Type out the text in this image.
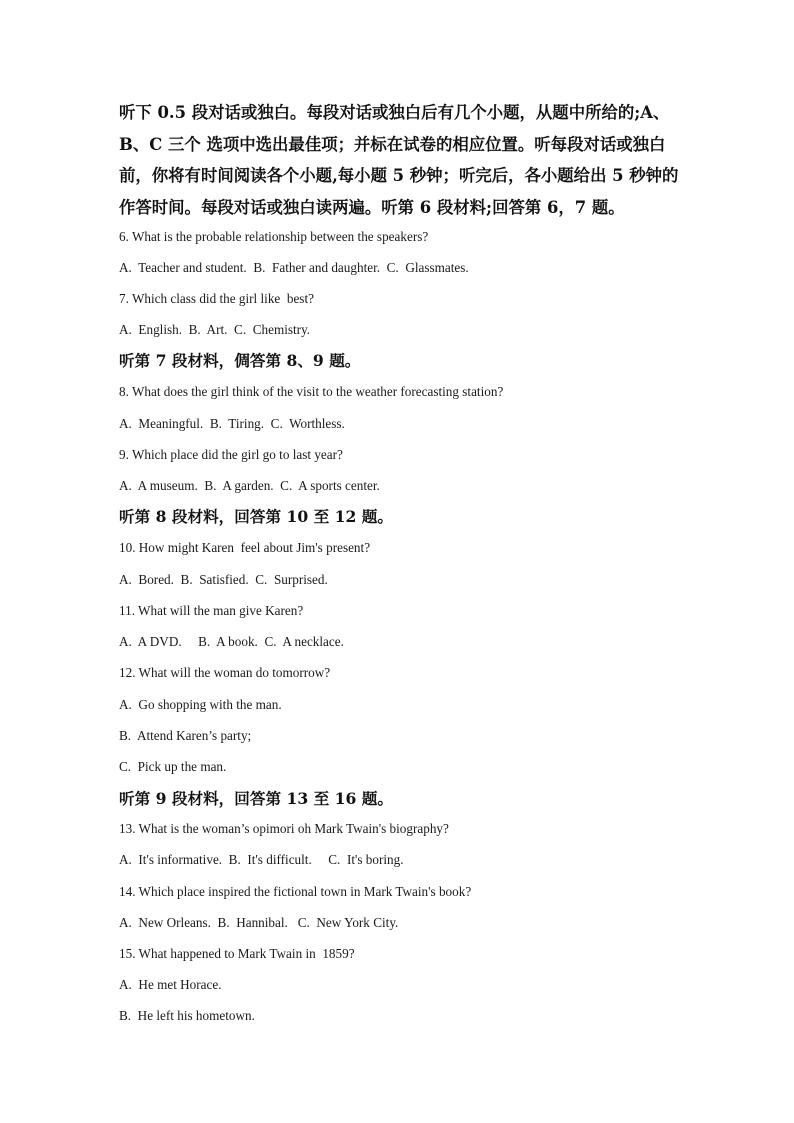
听下 0.5 段对话或独白。每段对话或独白后有几个小题，从题中所给的;A、B、C 三个 选项中选出最佳项；并标在试卷的相应位置。听每段对话或独白前，你将有时间阅读各个小题,每小题 5 秒钟；听完后，各小题给出 5 秒钟的作答时间。每段对话或独白读两遍。听第 6 段材料;回答第 6，7 题。

6. What is the probable relationship between the speakers?
A.  Teacher and student.  B.  Father and daughter.  C.  Glassmates.
7. Which class did the girl like  best?
A.  English.  B.  Art.  C.  Chemistry.
听第 7 段材料，倜答第 8、9 题。
8. What does the girl think of the visit to the weather forecasting station?
A.  Meaningful.  B.  Tiring.  C.  Worthless.
9. Which place did the girl go to last year?
A.  A museum.  B.  A garden.  C.  A sports center.
听第 8 段材料，回答第 10 至 12 题。
10. How might Karen  feel about Jim's present?
A.  Bored.  B.  Satisfied.  C.  Surprised.
11. What will the man give Karen?
A.  A DVD.     B.  A book.  C.  A necklace.
12. What will the woman do tomorrow?
A.  Go shopping with the man.
B.  Attend Karen’s party;
C.  Pick up the man.
听第 9 段材料，回答第 13 至 16 题。
13. What is the woman’s opimori oh Mark Twain's biography?
A.  It's informative.  B.  It's difficult.     C.  It's boring.
14. Which place inspired the fictional town in Mark Twain's book?
A.  New Orleans.  B.  Hannibal.   C.  New York City.
15. What happened to Mark Twain in  1859?
A.  He met Horace.
B.  He left his hometown.
